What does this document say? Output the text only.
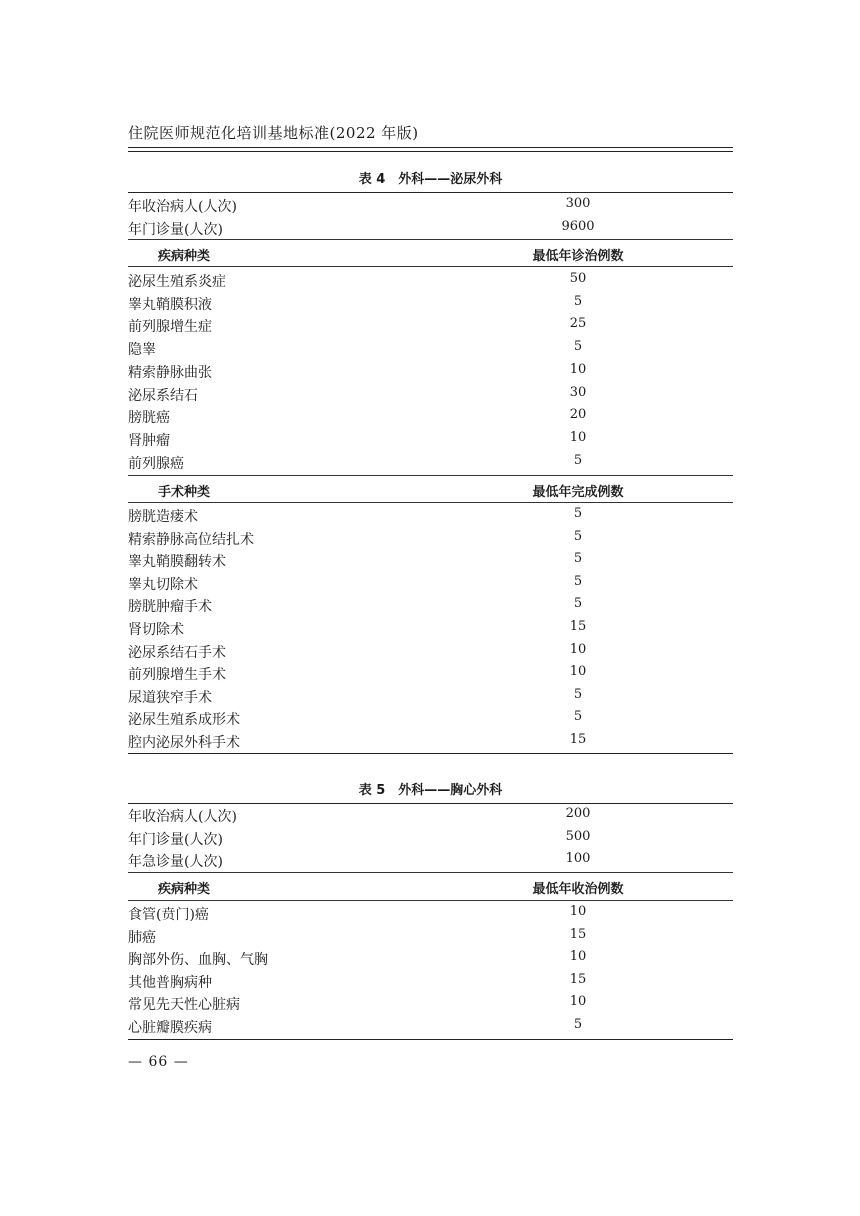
住院医师规范化培训基地标准(2022 年版)
表 4　外科——泌尿外科
年收治病人(人次)	300
年门诊量(人次)	9600
疾病种类	最低年诊治例数
泌尿生殖系炎症	50
睾丸鞘膜积液	5
前列腺增生症	25
隐睾	5
精索静脉曲张	10
泌尿系结石	30
膀胱癌	20
肾肿瘤	10
前列腺癌	5
手术种类	最低年完成例数
膀胱造瘘术	5
精索静脉高位结扎术	5
睾丸鞘膜翻转术	5
睾丸切除术	5
膀胱肿瘤手术	5
肾切除术	15
泌尿系结石手术	10
前列腺增生手术	10
尿道狭窄手术	5
泌尿生殖系成形术	5
腔内泌尿外科手术	15
表 5　外科——胸心外科
年收治病人(人次)	200
年门诊量(人次)	500
年急诊量(人次)	100
疾病种类	最低年收治例数
食管(贲门)癌	10
肺癌	15
胸部外伤、血胸、气胸	10
其他普胸病种	15
常见先天性心脏病	10
心脏瓣膜疾病	5
— 66 —
